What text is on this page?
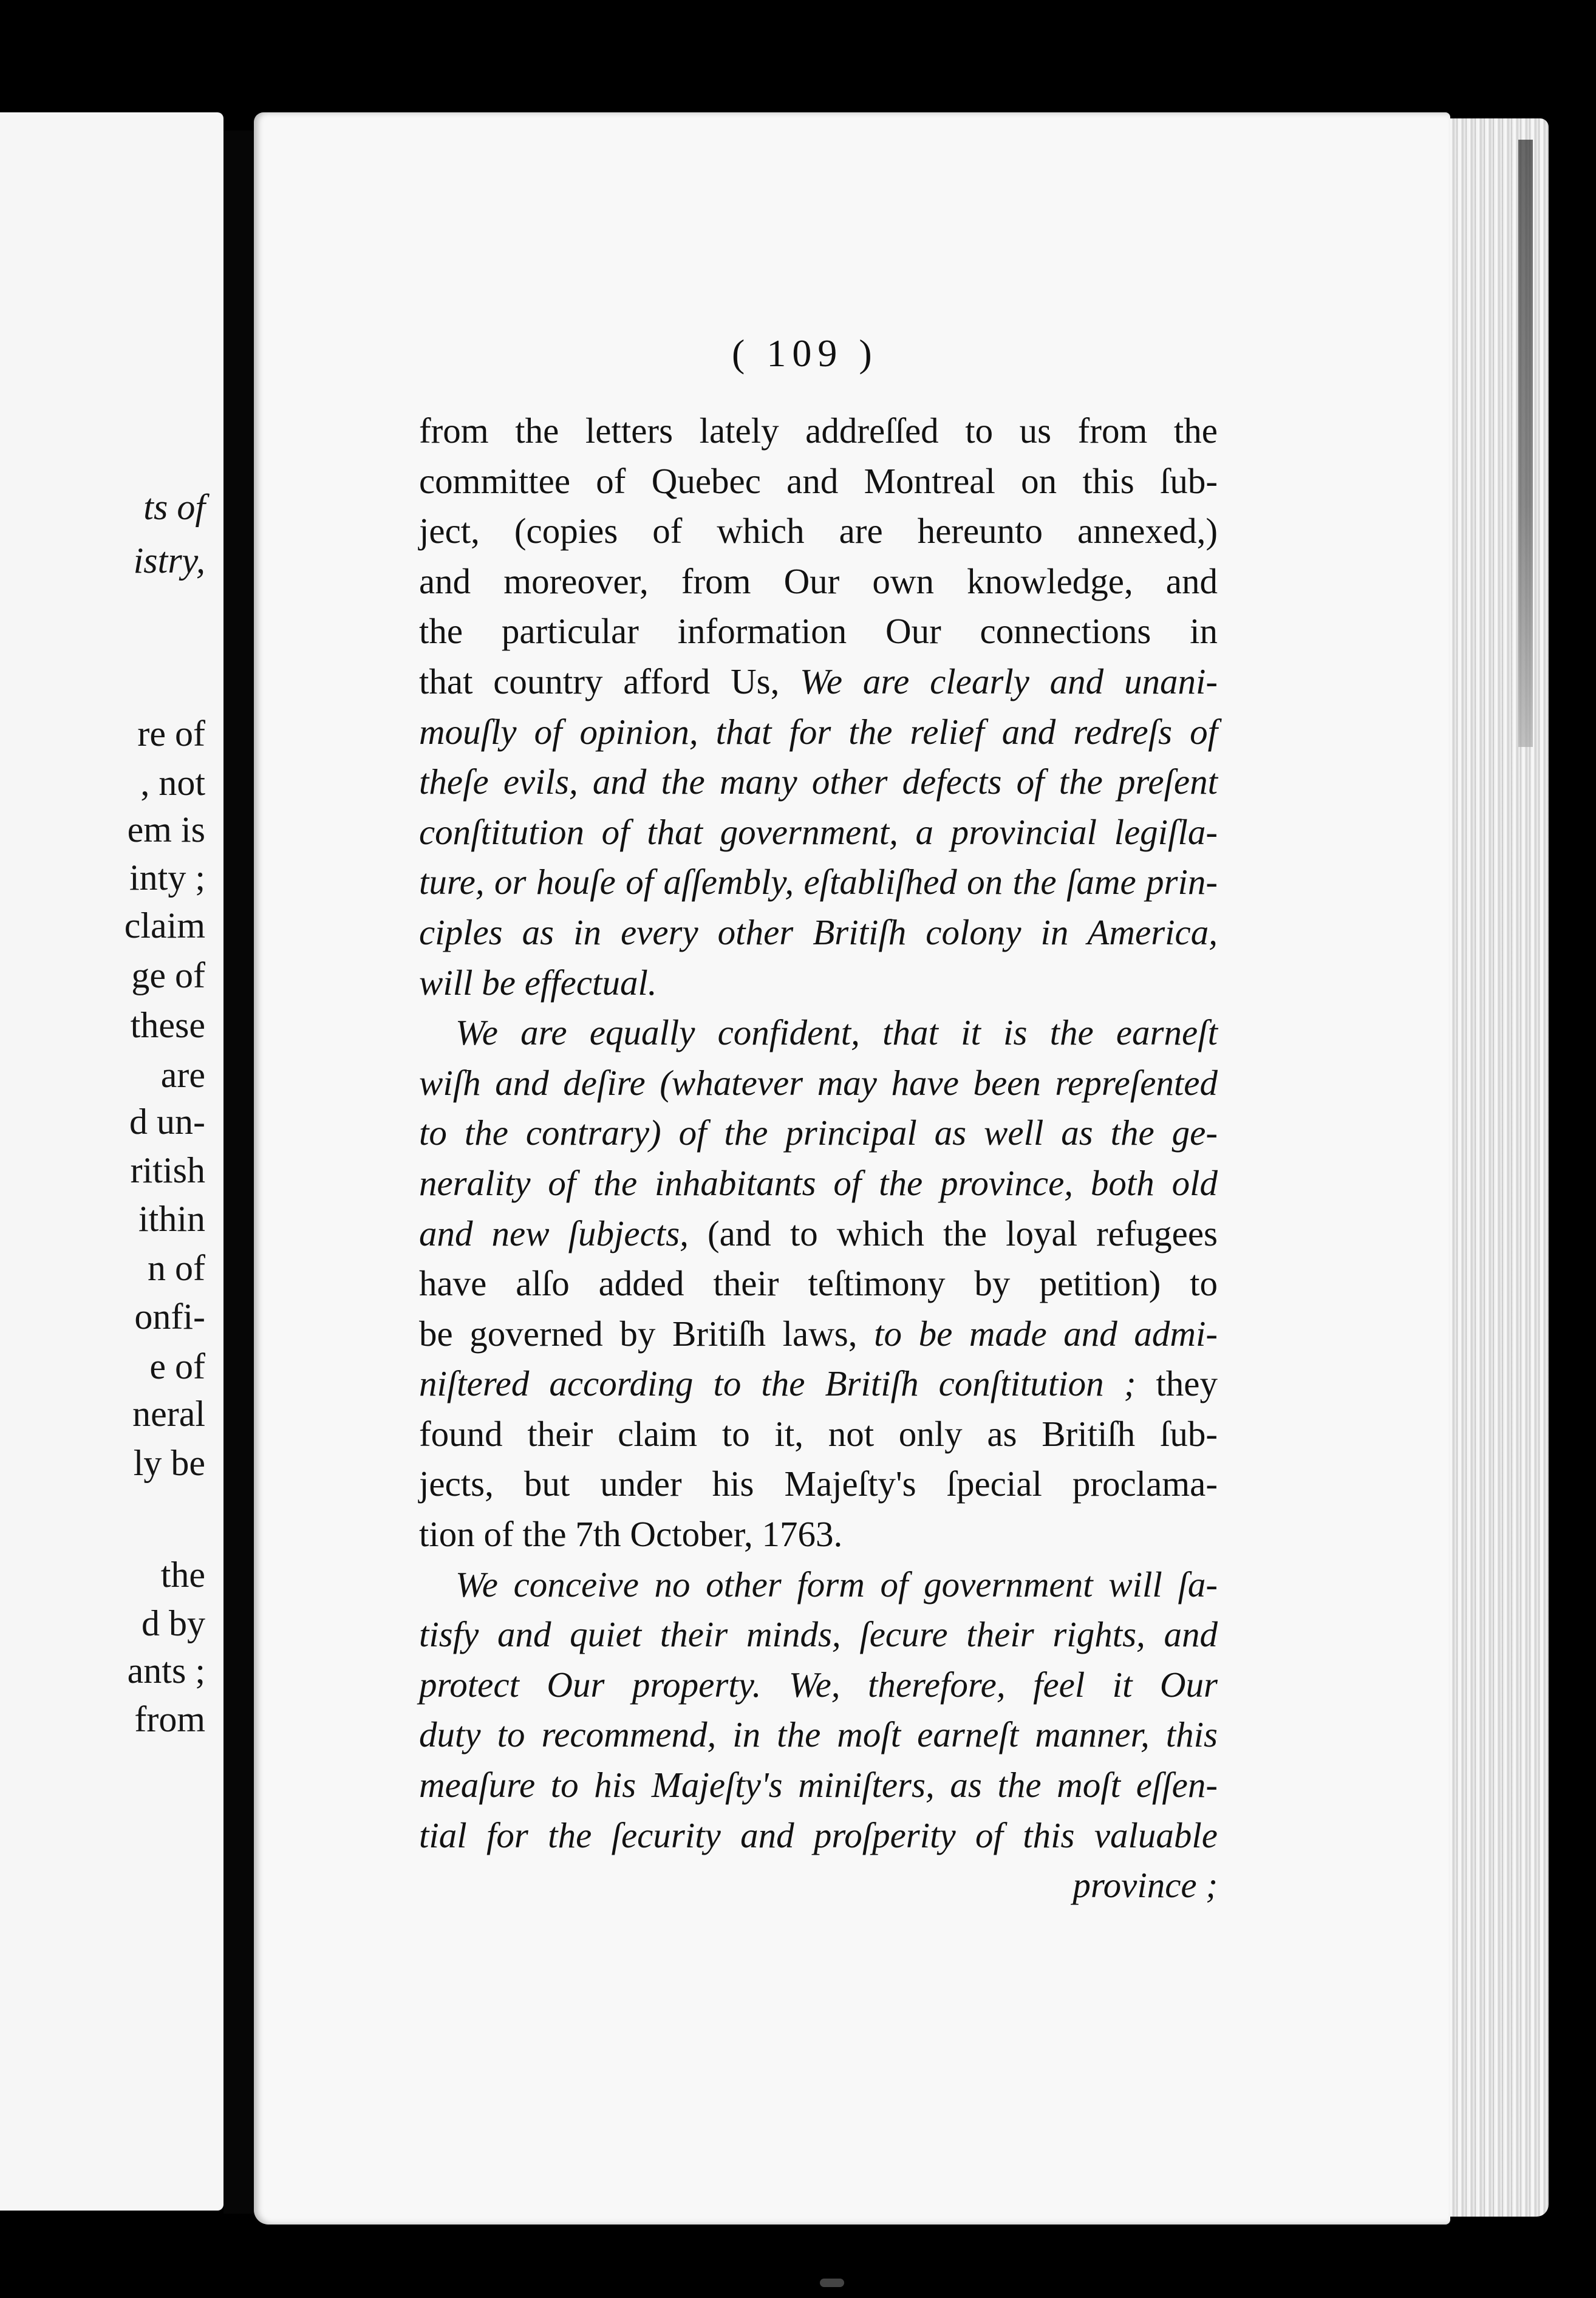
ts of
istry,
re of
, not
em is
inty ;
claim
ge of
these
are
d un-
ritish
ithin
n of
onfi-
e of
neral
ly be
the
d by
ants ;
from
( 109 )
from the letters lately addreſſed to us from the
committee of Quebec and Montreal on this ſub-
ject, (copies of which are hereunto annexed,)
and moreover, from Our own knowledge, and
the particular information Our connections in
that country afford Us, We are clearly and unani-
mouſly of opinion, that for the relief and redreſs of
theſe evils, and the many other defects of the preſent
conſtitution of that government, a provincial legiſla-
ture, or houſe of aſſembly, eſtabliſhed on the ſame prin-
ciples as in every other Britiſh colony in America,
will be effectual.
We are equally confident, that it is the earneſt
wiſh and deſire (whatever may have been repreſented
to the contrary) of the principal as well as the ge-
nerality of the inhabitants of the province, both old
and new ſubjects, (and to which the loyal refugees
have alſo added their teſtimony by petition) to
be governed by Britiſh laws, to be made and admi-
niſtered according to the Britiſh conſtitution ; they
found their claim to it, not only as Britiſh ſub-
jects, but under his Majeſty's ſpecial proclama-
tion of the 7th October, 1763.
We conceive no other form of government will ſa-
tisfy and quiet their minds, ſecure their rights, and
protect Our property. We, therefore, feel it Our
duty to recommend, in the moſt earneſt manner, this
meaſure to his Majeſty's miniſters, as the moſt eſſen-
tial for the ſecurity and proſperity of this valuable
province ;
